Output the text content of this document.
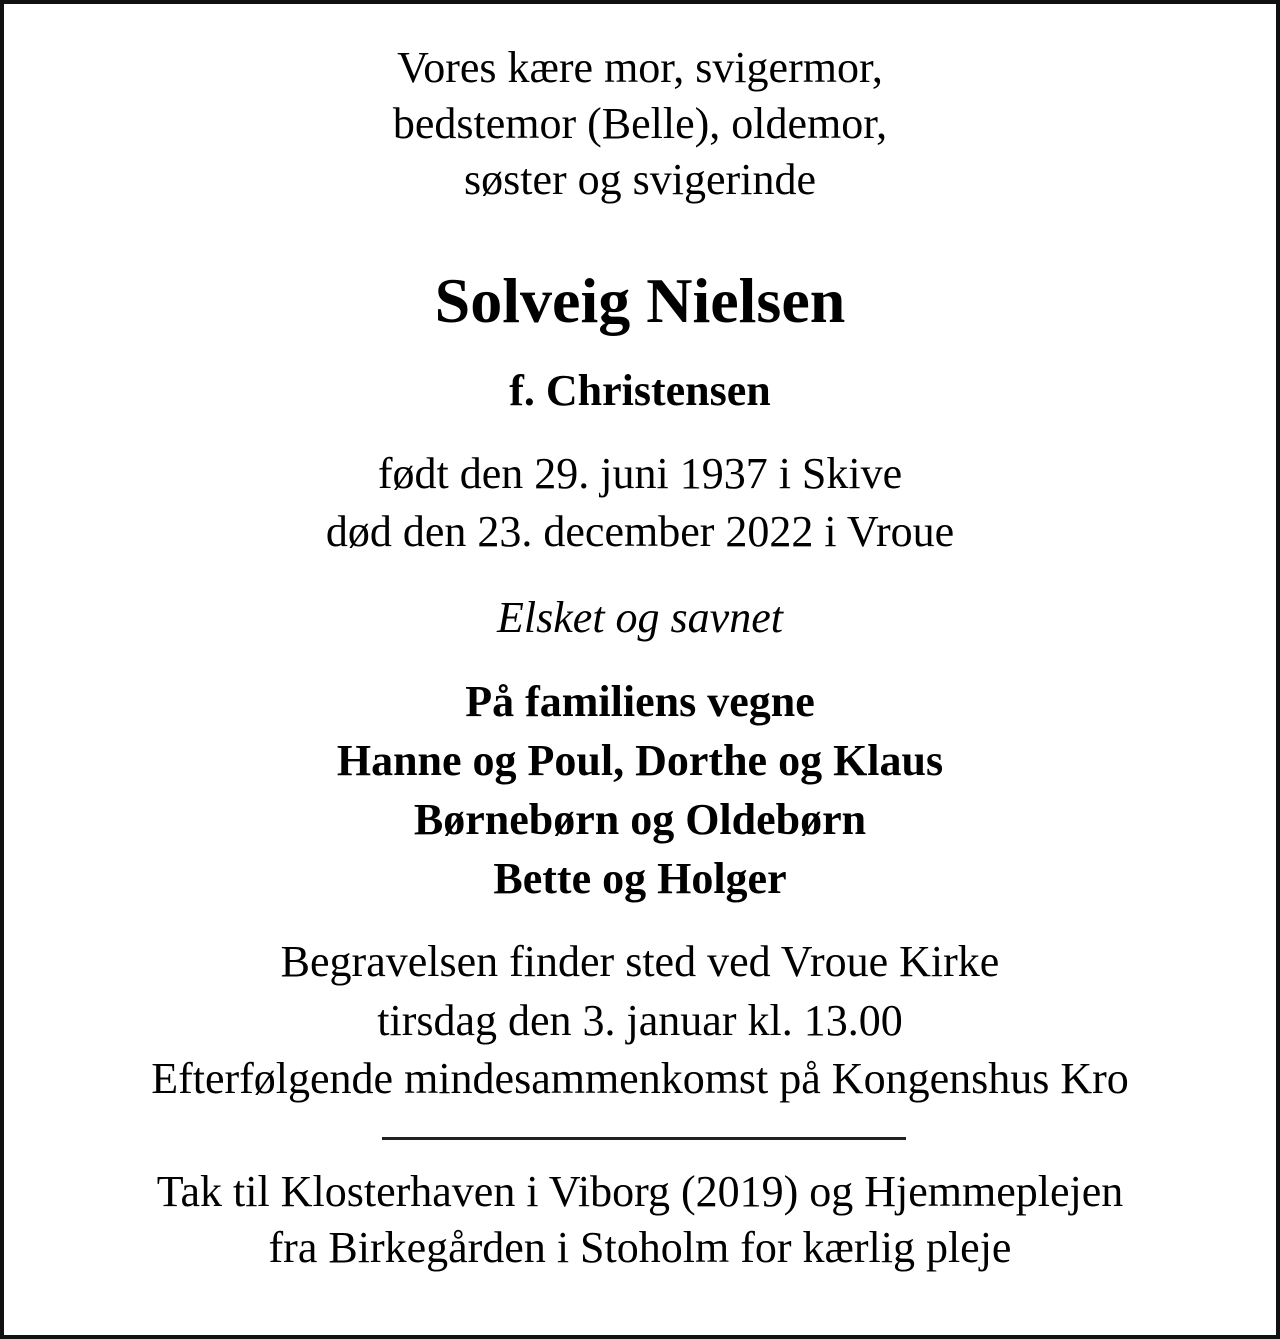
Vores kære mor, svigermor,
bedstemor (Belle), oldemor,
søster og svigerinde
Solveig Nielsen
f. Christensen
født den 29. juni 1937 i Skive
død den 23. december 2022 i Vroue
Elsket og savnet
På familiens vegne
Hanne og Poul, Dorthe og Klaus
Børnebørn og Oldebørn
Bette og Holger
Begravelsen finder sted ved Vroue Kirke
tirsdag den 3. januar kl. 13.00
Efterfølgende mindesammenkomst på Kongenshus Kro
Tak til Klosterhaven i Viborg (2019) og Hjemmeplejen
fra Birkegården i Stoholm for kærlig pleje
